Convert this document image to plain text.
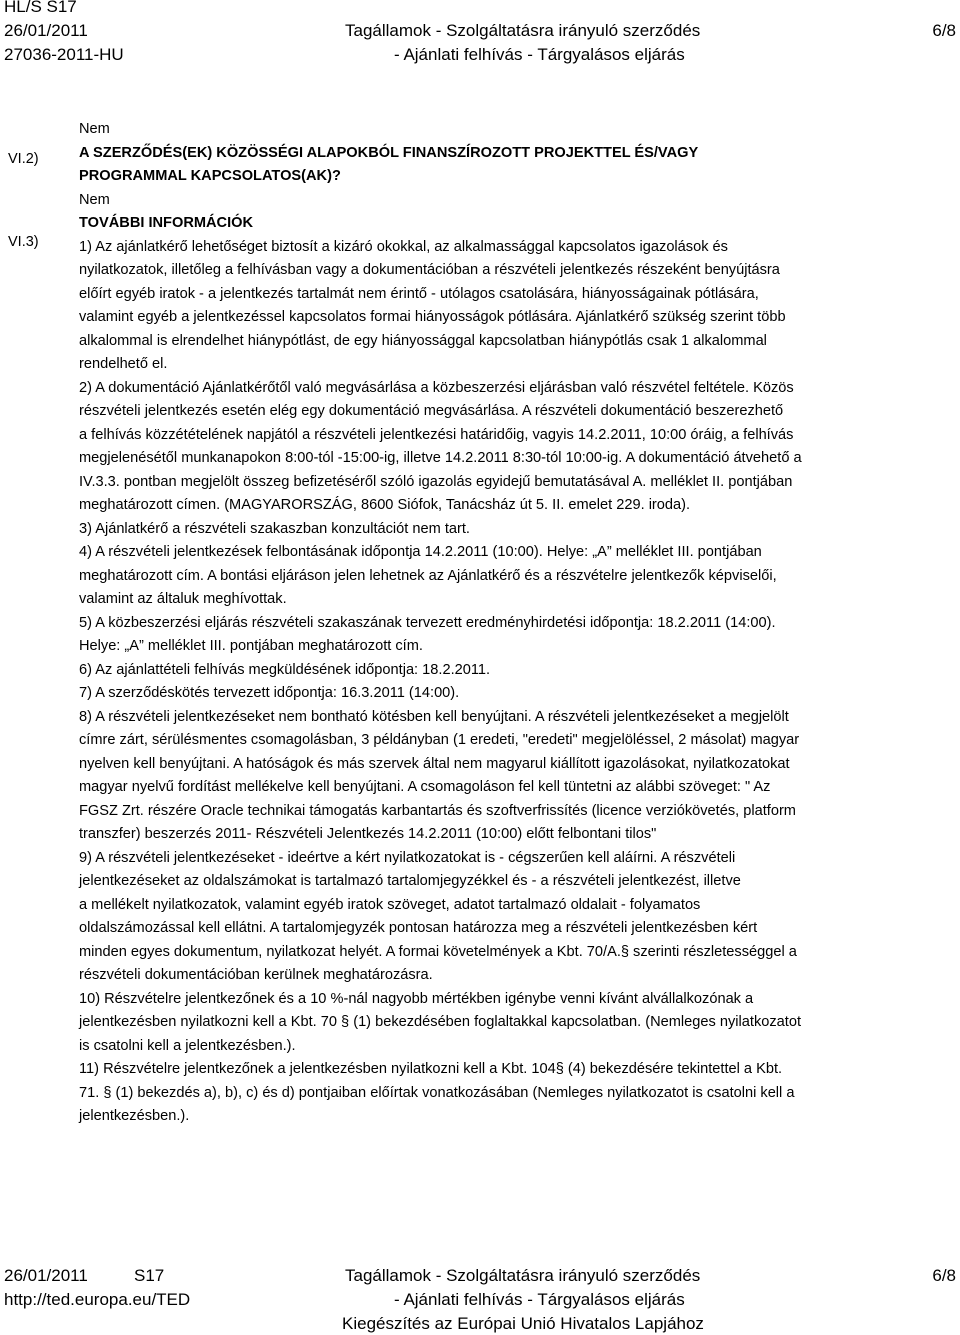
HL/S S17
26/01/2011
27036-2011-HU
Tagállamok - Szolgáltatásra irányuló szerződés
- Ajánlati felhívás - Tárgyalásos eljárás
6/8
VI.2)
VI.3)

Nem

A SZERZŐDÉS(EK) KÖZÖSSÉGI ALAPOKBÓL FINANSZÍROZOTT PROJEKTTEL ÉS/VAGY

PROGRAMMAL KAPCSOLATOS(AK)?

Nem

TOVÁBBI INFORMÁCIÓK

1) Az ajánlatkérő lehetőséget biztosít a kizáró okokkal, az alkalmassággal kapcsolatos igazolások és

nyilatkozatok, illetőleg a felhívásban vagy a dokumentációban a részvételi jelentkezés részeként benyújtásra

előírt egyéb iratok - a jelentkezés tartalmát nem érintő - utólagos csatolására, hiányosságainak pótlására,

valamint egyéb a jelentkezéssel kapcsolatos formai hiányosságok pótlására. Ajánlatkérő szükség szerint több

alkalommal is elrendelhet hiánypótlást, de egy hiányossággal kapcsolatban hiánypótlás csak 1 alkalommal

rendelhető el.

2) A dokumentáció Ajánlatkérőtől való megvásárlása a közbeszerzési eljárásban való részvétel feltétele. Közös

részvételi jelentkezés esetén elég egy dokumentáció megvásárlása. A részvételi dokumentáció beszerezhető

a felhívás közzétételének napjától a részvételi jelentkezési határidőig, vagyis 14.2.2011, 10:00 óráig, a felhívás

megjelenésétől munkanapokon 8:00-tól -15:00-ig, illetve 14.2.2011 8:30-tól 10:00-ig. A dokumentáció átvehető a

IV.3.3. pontban megjelölt összeg befizetéséről szóló igazolás egyidejű bemutatásával A. melléklet II. pontjában

meghatározott címen. (MAGYARORSZÁG, 8600 Siófok, Tanácsház út 5. II. emelet 229. iroda).

3) Ajánlatkérő a részvételi szakaszban konzultációt nem tart.

4) A részvételi jelentkezések felbontásának időpontja 14.2.2011 (10:00). Helye: „A” melléklet III. pontjában

meghatározott cím. A bontási eljáráson jelen lehetnek az Ajánlatkérő és a részvételre jelentkezők képviselői,

valamint az általuk meghívottak.

5) A közbeszerzési eljárás részvételi szakaszának tervezett eredményhirdetési időpontja: 18.2.2011 (14:00).

Helye: „A” melléklet III. pontjában meghatározott cím.

6) Az ajánlattételi felhívás megküldésének időpontja: 18.2.2011.

7) A szerződéskötés tervezett időpontja: 16.3.2011 (14:00).

8) A részvételi jelentkezéseket nem bontható kötésben kell benyújtani. A részvételi jelentkezéseket a megjelölt

címre zárt, sérülésmentes csomagolásban, 3 példányban (1 eredeti, "eredeti" megjelöléssel, 2 másolat) magyar

nyelven kell benyújtani. A hatóságok és más szervek által nem magyarul kiállított igazolásokat, nyilatkozatokat

magyar nyelvű fordítást mellékelve kell benyújtani. A csomagoláson fel kell tüntetni az alábbi szöveget: " Az

FGSZ Zrt. részére Oracle technikai támogatás karbantartás és szoftverfrissítés (licence verziókövetés, platform

transzfer) beszerzés 2011- Részvételi Jelentkezés 14.2.2011 (10:00) előtt felbontani tilos"

9) A részvételi jelentkezéseket - ideértve a kért nyilatkozatokat is - cégszerűen kell aláírni. A részvételi

jelentkezéseket az oldalszámokat is tartalmazó tartalomjegyzékkel és - a részvételi jelentkezést, illetve

a mellékelt nyilatkozatok, valamint egyéb iratok szöveget, adatot tartalmazó oldalait - folyamatos

oldalszámozással kell ellátni. A tartalomjegyzék pontosan határozza meg a részvételi jelentkezésben kért

minden egyes dokumentum, nyilatkozat helyét. A formai követelmények a Kbt. 70/A.§ szerinti részletességgel a

részvételi dokumentációban kerülnek meghatározásra.

10) Részvételre jelentkezőnek és a 10 %-nál nagyobb mértékben igénybe venni kívánt alvállalkozónak a

jelentkezésben nyilatkozni kell a Kbt. 70 § (1) bekezdésében foglaltakkal kapcsolatban. (Nemleges nyilatkozatot

is csatolni kell a jelentkezésben.).

11) Részvételre jelentkezőnek a jelentkezésben nyilatkozni kell a Kbt. 104§ (4) bekezdésére tekintettel a Kbt.

71. § (1) bekezdés a), b), c) és d) pontjaiban előírtak vonatkozásában (Nemleges nyilatkozatot is csatolni kell a

jelentkezésben.).

26/01/2011	S17
http://ted.europa.eu/TED
Tagállamok - Szolgáltatásra irányuló szerződés
- Ajánlati felhívás - Tárgyalásos eljárás
Kiegészítés az Európai Unió Hivatalos Lapjához
6/8
